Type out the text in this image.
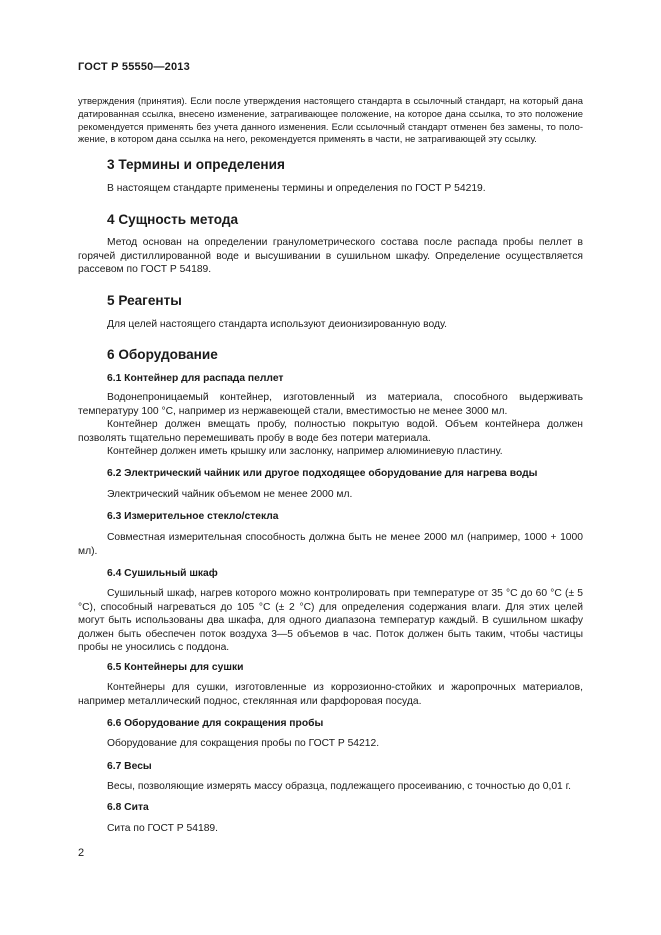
ГОСТ Р 55550—2013

утверждения (принятия). Если после утверждения настоящего стандарта в ссылочный стандарт, на который дана датированная ссылка, внесено изменение, затрагивающее положение, на которое дана ссылка, то это положение рекомендуется применять без учета данного изменения. Если ссылочный стандарт отменен без замены, то поло-жение, в котором дана ссылка на него, рекомендуется применять в части, не затрагивающей эту ссылку.

3 Термины и определения

В настоящем стандарте применены термины и определения по ГОСТ Р 54219.

4 Сущность метода

Метод основан на определении гранулометрического состава после распада пробы пеллет в горячей дистиллированной воде и высушивании в сушильном шкафу. Определение осуществляется рассевом по ГОСТ Р 54189.

5 Реагенты

Для целей настоящего стандарта используют деионизированную воду.

6 Оборудование
6.1 Контейнер для распада пеллет

Водонепроницаемый контейнер, изготовленный из материала, способного выдерживать температуру 100 °С, например из нержавеющей стали, вместимостью не менее 3000 мл.

Контейнер должен вмещать пробу, полностью покрытую водой. Объем контейнера должен позволять тщательно перемешивать пробу в воде без потери материала.

Контейнер должен иметь крышку или заслонку, например алюминиевую пластину.

6.2 Электрический чайник или другое подходящее оборудование для нагрева воды

Электрический чайник объемом не менее 2000 мл.

6.3 Измерительное стекло/стекла

Совместная измерительная способность должна быть не менее 2000 мл (например, 1000 + 1000 мл).

6.4 Сушильный шкаф

Сушильный шкаф, нагрев которого можно контролировать при температуре от 35 °С до 60 °С (± 5 °С), способный нагреваться до 105 °С (± 2 °С) для определения содержания влаги. Для этих целей могут быть использованы два шкафа, для одного диапазона температур каждый. В сушильном шкафу должен быть обеспечен поток воздуха 3—5 объемов в час. Поток должен быть таким, чтобы частицы пробы не уносились с поддона.

6.5 Контейнеры для сушки

Контейнеры для сушки, изготовленные из коррозионно-стойких и жаропрочных материалов, например металлический поднос, стеклянная или фарфоровая посуда.

6.6 Оборудование для сокращения пробы

Оборудование для сокращения пробы по ГОСТ Р 54212.

6.7 Весы

Весы, позволяющие измерять массу образца, подлежащего просеиванию, с точностью до 0,01 г.

6.8 Сита

Сита по ГОСТ Р 54189.

2
